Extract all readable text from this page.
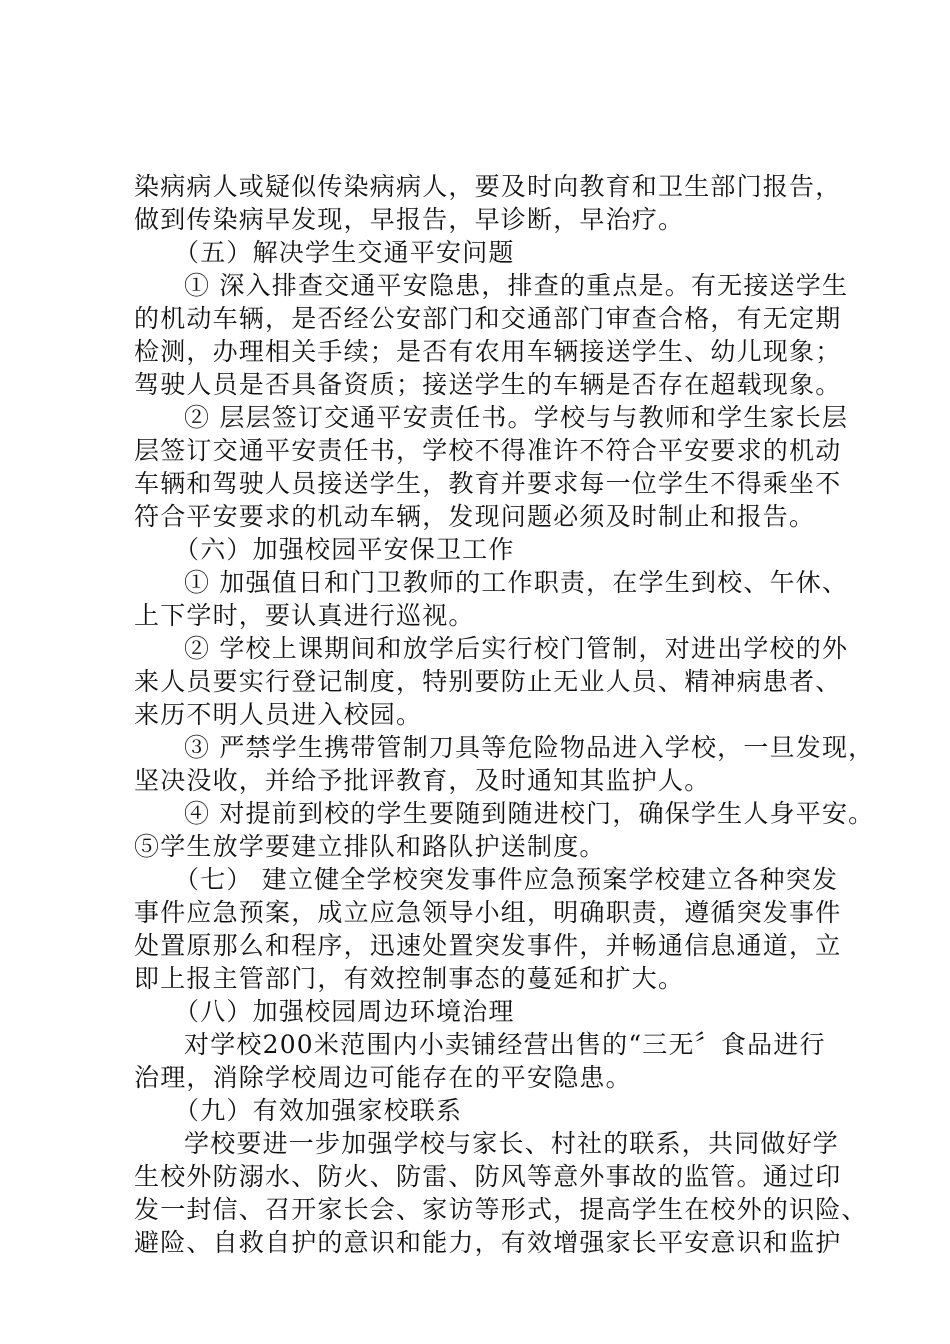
染病病人或疑似传染病病人，要及时向教育和卫生部门报告，
做到传染病早发现，早报告，早诊断，早治疗。
（五）解决学生交通平安问题
① 深入排查交通平安隐患，排查的重点是。有无接送学生
的机动车辆，是否经公安部门和交通部门审查合格，有无定期
检测，办理相关手续；是否有农用车辆接送学生、幼儿现象；
驾驶人员是否具备资质；接送学生的车辆是否存在超载现象。
② 层层签订交通平安责任书。学校与与教师和学生家长层
层签订交通平安责任书，学校不得准许不符合平安要求的机动
车辆和驾驶人员接送学生，教育并要求每一位学生不得乘坐不
符合平安要求的机动车辆，发现问题必须及时制止和报告。
（六）加强校园平安保卫工作
① 加强值日和门卫教师的工作职责，在学生到校、午休、
上下学时，要认真进行巡视。
② 学校上课期间和放学后实行校门管制，对进出学校的外
来人员要实行登记制度，特别要防止无业人员、精神病患者、
来历不明人员进入校园。
③ 严禁学生携带管制刀具等危险物品进入学校，一旦发现，
坚决没收，并给予批评教育，及时通知其监护人。
④ 对提前到校的学生要随到随进校门，确保学生人身平安。
⑤学生放学要建立排队和路队护送制度。
（七） 建立健全学校突发事件应急预案学校建立各种突发
事件应急预案，成立应急领导小组，明确职责，遵循突发事件
处置原那么和程序，迅速处置突发事件，并畅通信息通道，立
即上报主管部门，有效控制事态的蔓延和扩大。
（八）加强校园周边环境治理
对学校200米范围内小卖铺经营出售的“三无〞食品进行
治理，消除学校周边可能存在的平安隐患。
（九）有效加强家校联系
学校要进一步加强学校与家长、村社的联系，共同做好学
生校外防溺水、防火、防雷、防风等意外事故的监管。通过印
发一封信、召开家长会、家访等形式，提高学生在校外的识险、
避险、自救自护的意识和能力，有效增强家长平安意识和监护
